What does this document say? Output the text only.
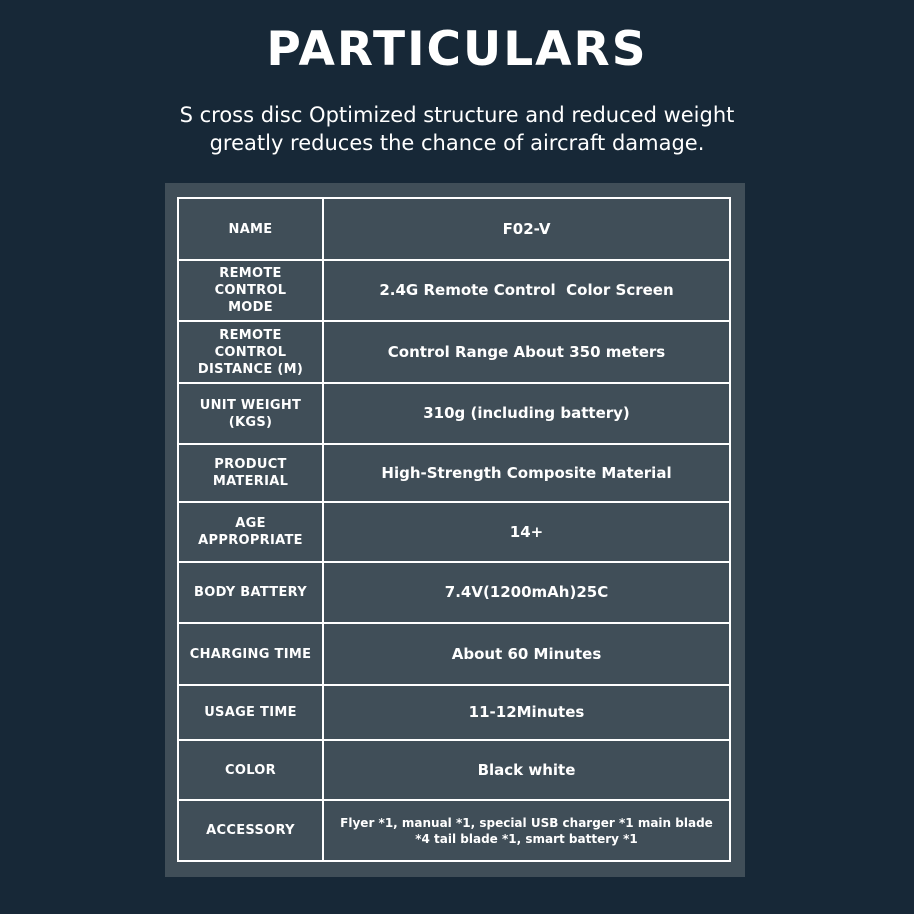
PARTICULARS
S cross disc Optimized structure and reduced weight
greatly reduces the chance of aircraft damage.
NAME	F02-V
REMOTE CONTROL MODE	2.4G Remote Control  Color Screen
REMOTE CONTROL DISTANCE (M)	Control Range About 350 meters
UNIT WEIGHT (KGS)	310g (including battery)
PRODUCT MATERIAL	High-Strength Composite Material
AGE APPROPRIATE	14+
BODY BATTERY	7.4V(1200mAh)25C
CHARGING TIME	About 60 Minutes
USAGE TIME	11-12Minutes
COLOR	Black white
ACCESSORY	Flyer *1, manual *1, special USB charger *1 main blade *4 tail blade *1, smart battery *1
